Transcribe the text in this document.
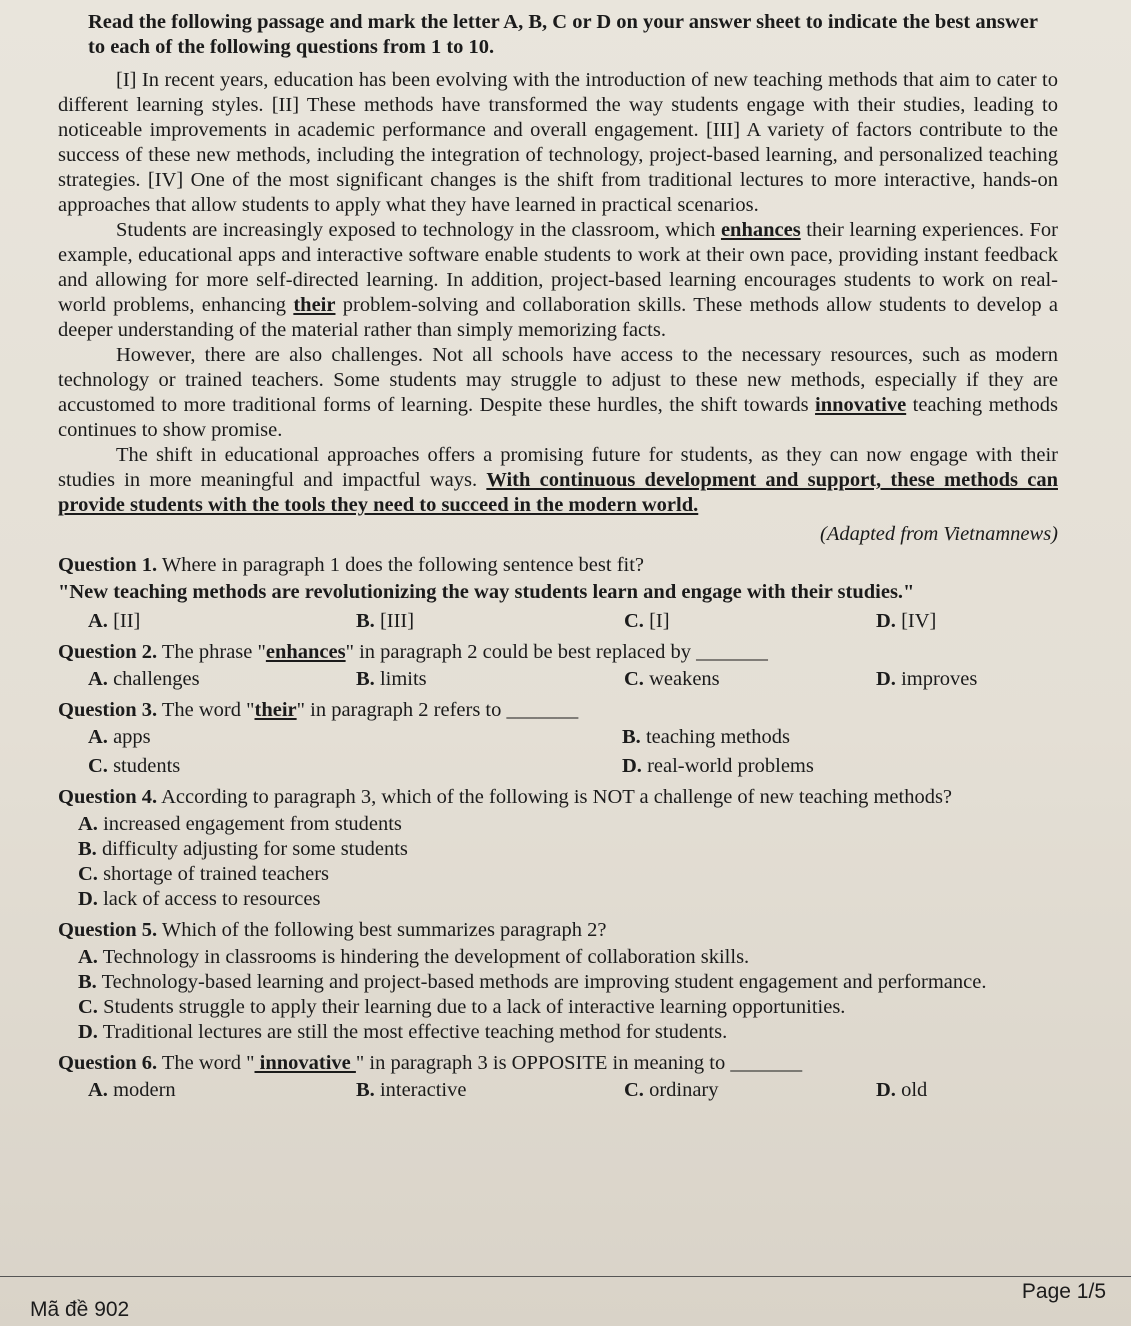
Read the following passage and mark the letter A, B, C or D on your answer sheet to indicate the best answer to each of the following questions from 1 to 10.

[I] In recent years, education has been evolving with the introduction of new teaching methods that aim to cater to different learning styles. [II] These methods have transformed the way students engage with their studies, leading to noticeable improvements in academic performance and overall engagement. [III] A variety of factors contribute to the success of these new methods, including the integration of technology, project-based learning, and personalized teaching strategies. [IV] One of the most significant changes is the shift from traditional lectures to more interactive, hands-on approaches that allow students to apply what they have learned in practical scenarios.

Students are increasingly exposed to technology in the classroom, which enhances their learning experiences. For example, educational apps and interactive software enable students to work at their own pace, providing instant feedback and allowing for more self-directed learning. In addition, project-based learning encourages students to work on real-world problems, enhancing their problem-solving and collaboration skills. These methods allow students to develop a deeper understanding of the material rather than simply memorizing facts.

However, there are also challenges. Not all schools have access to the necessary resources, such as modern technology or trained teachers. Some students may struggle to adjust to these new methods, especially if they are accustomed to more traditional forms of learning. Despite these hurdles, the shift towards innovative teaching methods continues to show promise.

The shift in educational approaches offers a promising future for students, as they can now engage with their studies in more meaningful and impactful ways. With continuous development and support, these methods can provide students with the tools they need to succeed in the modern world.

(Adapted from Vietnamnews)
Question 1. Where in paragraph 1 does the following sentence best fit?
"New teaching methods are revolutionizing the way students learn and engage with their studies."
A. [II]	B. [III]	C. [I]	D. [IV]
Question 2. The phrase "enhances" in paragraph 2 could be best replaced by _______
A. challenges	B. limits	C. weakens	D. improves
Question 3. The word "their" in paragraph 2 refers to _______
A. apps	B. teaching methods
C. students	D. real-world problems
Question 4. According to paragraph 3, which of the following is NOT a challenge of new teaching methods?
A. increased engagement from students
B. difficulty adjusting for some students
C. shortage of trained teachers
D. lack of access to resources
Question 5. Which of the following best summarizes paragraph 2?
A. Technology in classrooms is hindering the development of collaboration skills.
B. Technology-based learning and project-based methods are improving student engagement and performance.
C. Students struggle to apply their learning due to a lack of interactive learning opportunities.
D. Traditional lectures are still the most effective teaching method for students.
Question 6. The word " innovative " in paragraph 3 is OPPOSITE in meaning to _______
A. modern	B. interactive	C. ordinary	D. old
Mã đề 902
Page 1/5
